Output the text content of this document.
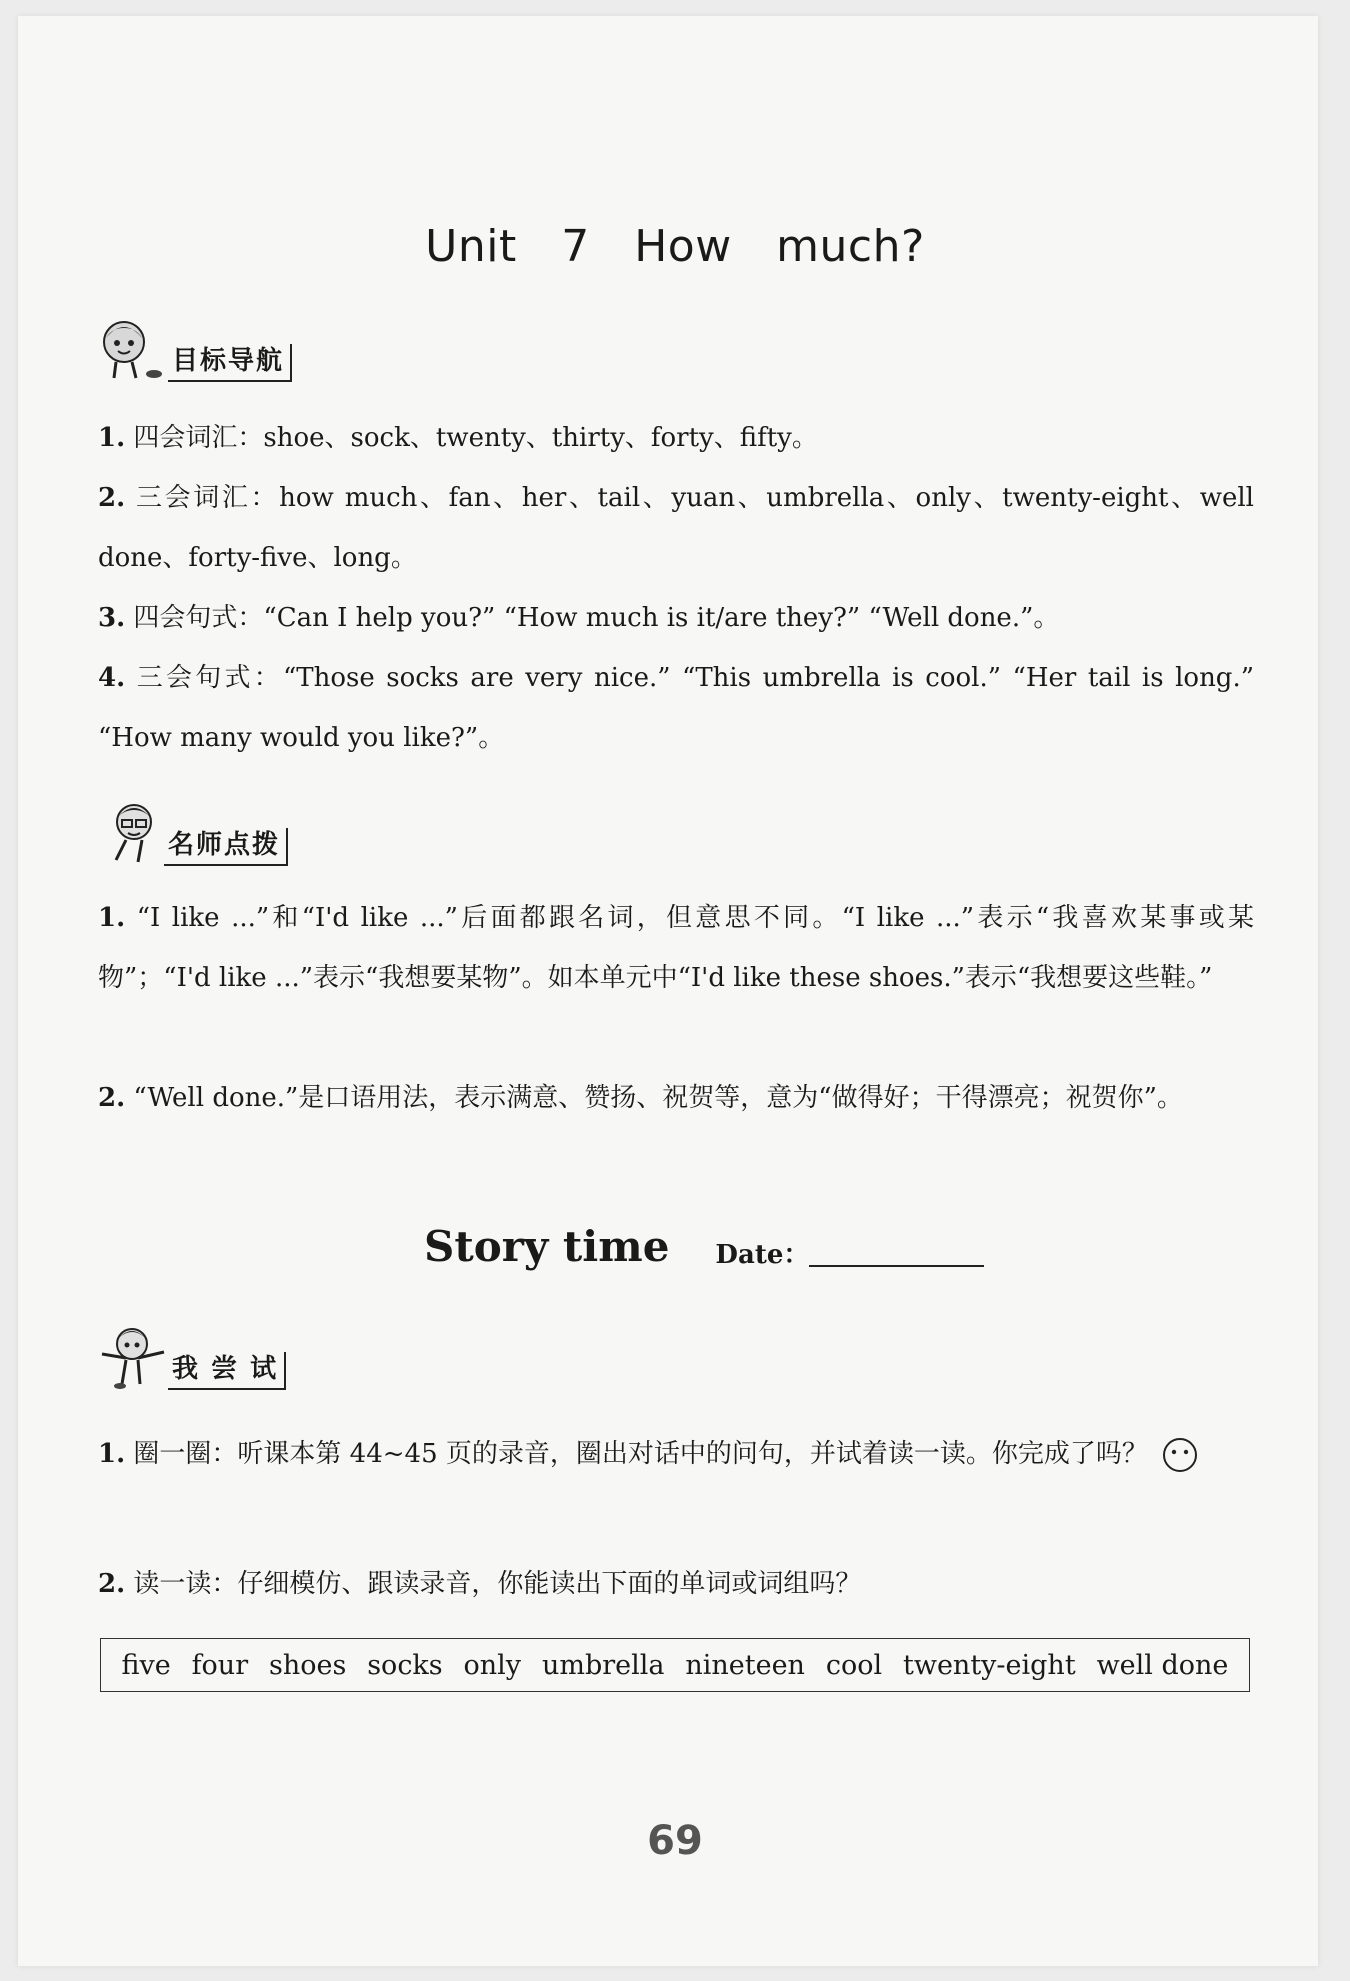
Unit 7　How much?
目标导航
1. 四会词汇：shoe、sock、twenty、thirty、forty、fifty。
2. 三会词汇：how much、fan、her、tail、yuan、umbrella、only、twenty-eight、well done、forty-five、long。
3. 四会句式：“Can I help you?” “How much is it/are they?” “Well done.”。
4. 三会句式：“Those socks are very nice.” “This umbrella is cool.” “Her tail is long.” “How many would you like?”。
名师点拨
1. “I like ...”和“I'd like ...”后面都跟名词，但意思不同。“I like ...”表示“我喜欢某事或某物”；“I'd like ...”表示“我想要某物”。如本单元中“I'd like these shoes.”表示“我想要这些鞋。”
2. “Well done.”是口语用法，表示满意、赞扬、祝贺等，意为“做得好；干得漂亮；祝贺你”。
Story time Date：
我 尝 试
1. 圈一圈：听课本第 44~45 页的录音，圈出对话中的问句，并试着读一读。你完成了吗？
2. 读一读：仔细模仿、跟读录音，你能读出下面的单词或词组吗？
five four shoes socks only umbrella nineteen cool twenty-eight well done
69
